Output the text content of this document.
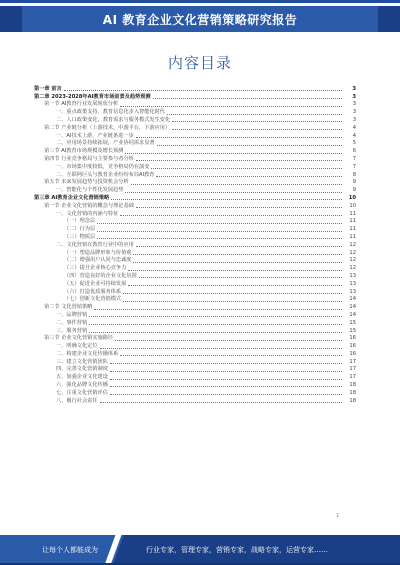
AI 教育企业文化营销策略研究报告
内容目录
第一章 前言	3
第二章 2023-2028年AI教育市场前景及趋势预测	3
第一节 AI教育行业发展现状分析	3
一、重点政策支持，教育信息化步入智能化时代	3
二、人口政策变化，教育需求与服务模式发生变化	3
第二节 产业链分析（上游技术，中游平台，下游应用）	4
一、AI技术上游，产业链条进一步	4
二、应用场景持续拓展，产业协同需求显著	5
第三节 AI教育市场规模及增长预测	6
第四节 行业竞争格局与主要参与者分析	7
一、市场集中度较低，竞争格局仍在演变	7
二、互联网巨头与教育企业纷纷布局AI教育	8
第五节 未来发展趋势与投资机会分析	9
一、智能化与个性化发展趋势	9
第三章 AI教育企业文化营销策略	10
第一节 企业文化营销的概念与理论基础	10
一、文化营销的内涵与特征	11
（一）理念层	11
（二）行为层	11
（三）物质层	11
二、文化营销在教育行业中的应用	12
（一）塑造品牌形象与价值观	12
（二）增强用户认同与忠诚度	12
（三）提升企业核心竞争力	12
（四）营造良好的企业文化氛围	13
（五）促进企业可持续发展	13
（六）打造优质服务体系	13
（七）创新文化营销模式	14
第二节 文化营销策略	14
一、品牌营销	14
二、事件营销	15
三、服务营销	15
第三节 企业文化营销实施路径	16
一、明确文化定位	16
二、构建企业文化传播体系	16
三、建立文化营销团队	17
四、完善文化营销制度	17
五、加强企业文化建设	17
六、强化品牌文化传播	18
七、注重文化营销评估	18
八、履行社会责任	18
1
让每个人都能成为	行业专家，管理专家，营销专家，战略专家，运营专家……
